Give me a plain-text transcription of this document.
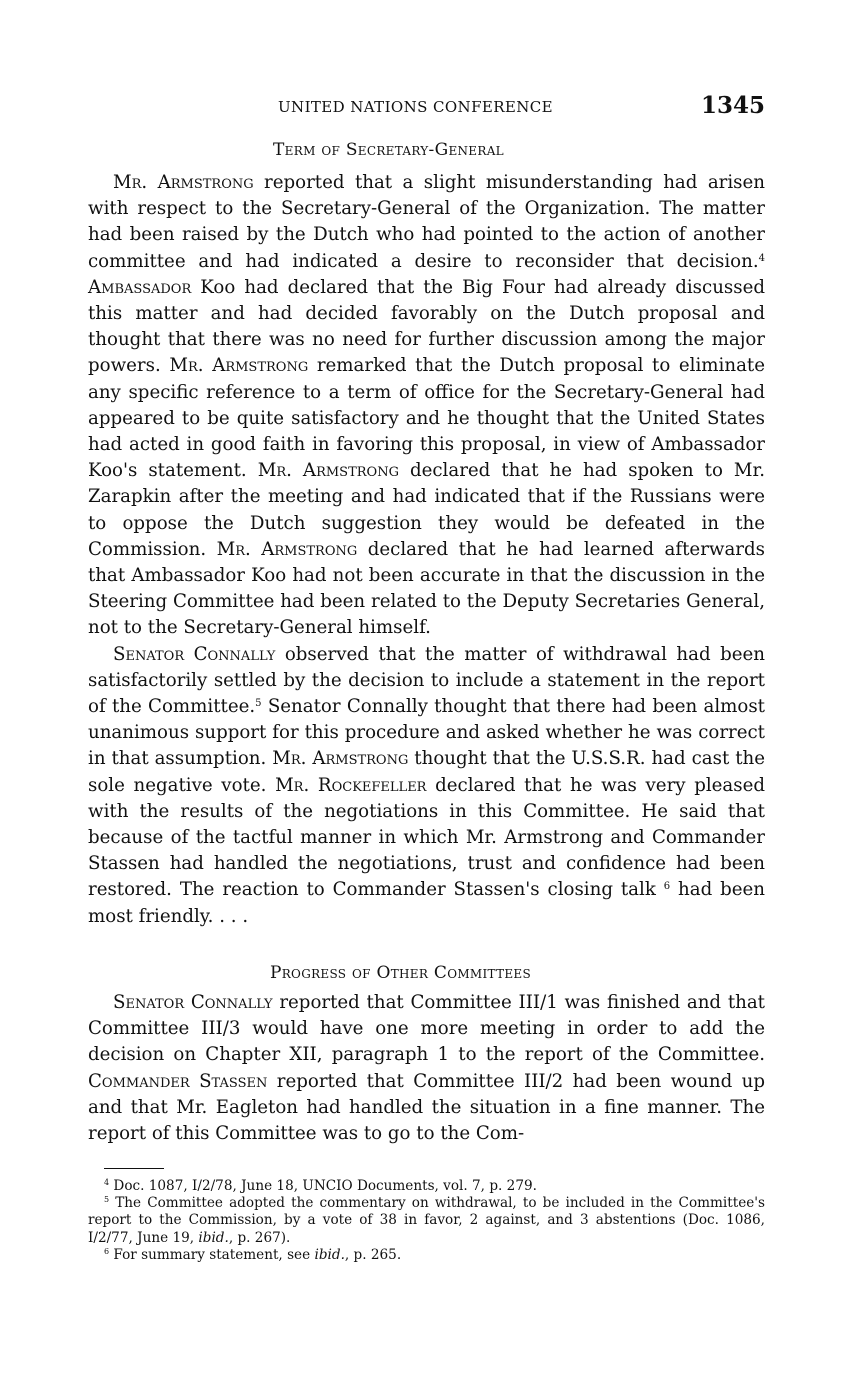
UNITED NATIONS CONFERENCE	1345
Term of Secretary-General

Mr. Armstrong reported that a slight misunderstanding had arisen with respect to the Secretary-General of the Organization. The matter had been raised by the Dutch who had pointed to the action of another committee and had indicated a desire to reconsider that decision.$^4$ Ambassador Koo had declared that the Big Four had already discussed this matter and had decided favorably on the Dutch proposal and thought that there was no need for further discussion among the major powers. Mr. Armstrong remarked that the Dutch proposal to eliminate any specific reference to a term of office for the Secretary-General had appeared to be quite satisfactory and he thought that the United States had acted in good faith in favoring this proposal, in view of Ambassador Koo's statement. Mr. Armstrong declared that he had spoken to Mr. Zarapkin after the meeting and had indicated that if the Russians were to oppose the Dutch suggestion they would be defeated in the Commission. Mr. Armstrong declared that he had learned afterwards that Ambassador Koo had not been accurate in that the discussion in the Steering Committee had been related to the Deputy Secretaries General, not to the Secretary-General himself.

Senator Connally observed that the matter of withdrawal had been satisfactorily settled by the decision to include a statement in the report of the Committee.$^5$ Senator Connally thought that there had been almost unanimous support for this procedure and asked whether he was correct in that assumption. Mr. Armstrong thought that the U.S.S.R. had cast the sole negative vote. Mr. Rockefeller declared that he was very pleased with the results of the negotiations in this Committee. He said that because of the tactful manner in which Mr. Armstrong and Commander Stassen had handled the negotiations, trust and confidence had been restored. The reaction to Commander Stassen's closing talk $^6$ had been most friendly. . . .

Progress of Other Committees

Senator Connally reported that Committee III/1 was finished and that Committee III/3 would have one more meeting in order to add the decision on Chapter XII, paragraph 1 to the report of the Committee. Commander Stassen reported that Committee III/2 had been wound up and that Mr. Eagleton had handled the situation in a fine manner. The report of this Committee was to go to the Com-

$^4$ Doc. 1087, I/2/78, June 18, UNCIO Documents, vol. 7, p. 279.

$^5$ The Committee adopted the commentary on withdrawal, to be included in the Committee's report to the Commission, by a vote of 38 in favor, 2 against, and 3 abstentions (Doc. 1086, I/2/77, June 19, ibid., p. 267).

$^6$ For summary statement, see ibid., p. 265.
